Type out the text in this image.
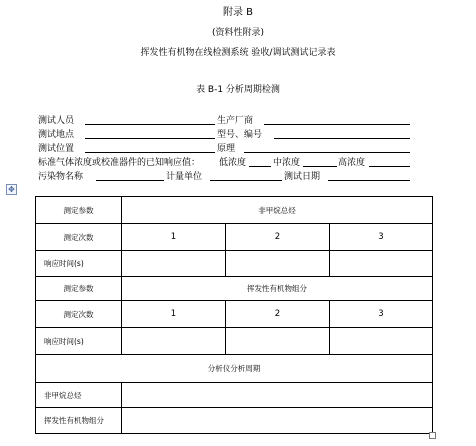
附录 B
(资料性附录)
挥发性有机物在线检测系统 验收/调试测试记录表
表 B-1 分析周期检测
测试人员	生产厂商
测试地点	型号、编号
测试位置	原理
标准气体浓度或校准器件的已知响应值： 低浓度	中浓度	高浓度
污染物名称	计量单位	测试日期
✥
测定参数	非甲烷总烃		
测定次数	1	2	3
响应时间(s)			
测定参数	挥发性有机物组分		
测定次数	1	2	3
响应时间(s)			
分析仪分析周期			
非甲烷总烃			
挥发性有机物组分			
